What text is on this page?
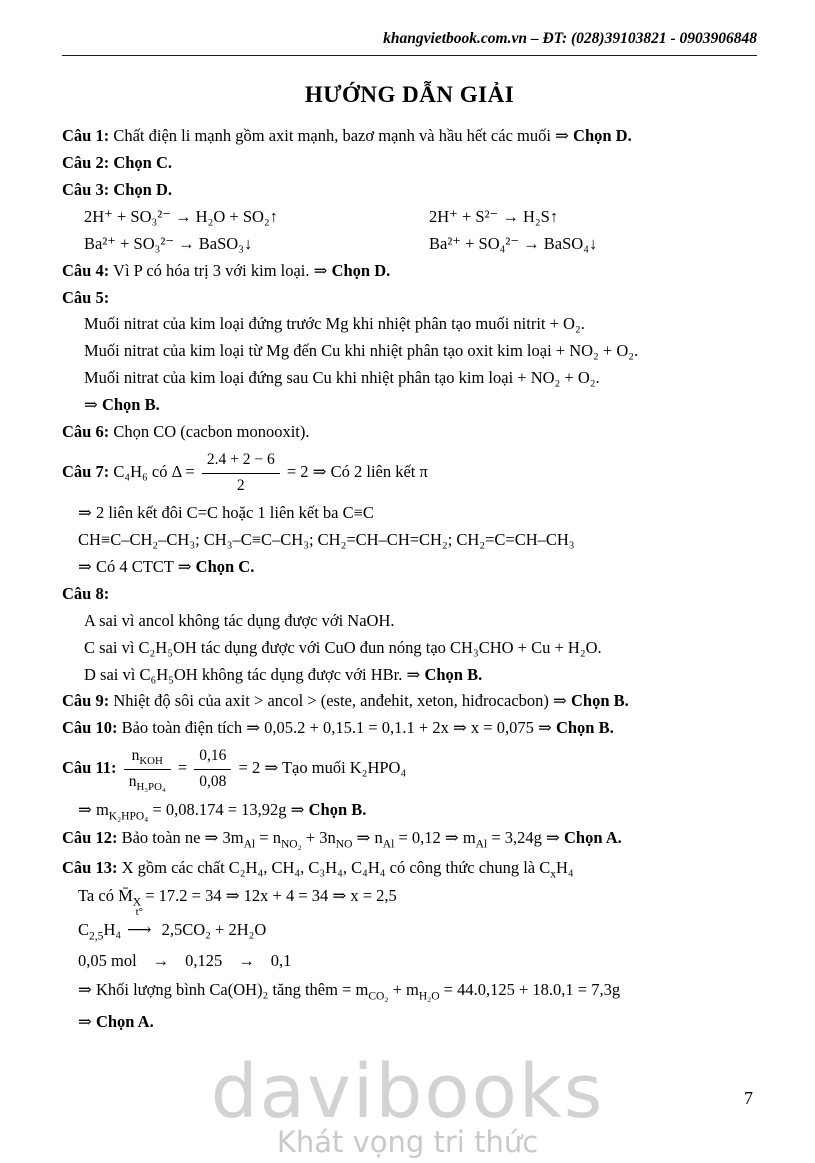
khangvietbook.com.vn – ĐT: (028)39103821 - 0903906848
HƯỚNG DẪN GIẢI
Câu 1: Chất điện li mạnh gồm axit mạnh, bazơ mạnh và hầu hết các muối ⇒ Chọn D.
Câu 2: Chọn C.
Câu 3: Chọn D.
2H⁺ + SO₃²⁻ → H₂O + SO₂↑	2H⁺ + S²⁻ → H₂S↑
Ba²⁺ + SO₃²⁻ → BaSO₃↓	Ba²⁺ + SO₄²⁻ → BaSO₄↓
Câu 4: Vì P có hóa trị 3 với kim loại. ⇒ Chọn D.
Câu 5:
Muối nitrat của kim loại đứng trước Mg khi nhiệt phân tạo muối nitrit + O₂.
Muối nitrat của kim loại từ Mg đến Cu khi nhiệt phân tạo oxit kim loại + NO₂ + O₂.
Muối nitrat của kim loại đứng sau Cu khi nhiệt phân tạo kim loại + NO₂ + O₂.
⇒ Chọn B.
Câu 6: Chọn CO (cacbon monooxit).
Câu 7: C₄H₆ có $\Delta = \frac{2.4 + 2 - 6}{2} = 2$ ⇒ Có 2 liên kết π
⇒ 2 liên kết đôi C=C hoặc 1 liên kết ba C≡C
CH≡C–CH₂–CH₃; CH₃–C≡C–CH₃; CH₂=CH–CH=CH₂; CH₂=C=CH–CH₃
⇒ Có 4 CTCT ⇒ Chọn C.
Câu 8:
A sai vì ancol không tác dụng được với NaOH.
C sai vì C₂H₅OH tác dụng được với CuO đun nóng tạo CH₃CHO + Cu + H₂O.
D sai vì C₆H₅OH không tác dụng được với HBr. ⇒ Chọn B.
Câu 9: Nhiệt độ sôi của axit > ancol > (este, anđehit, xeton, hiđrocacbon) ⇒ Chọn B.
Câu 10: Bảo toàn điện tích ⇒ 0,05.2 + 0,15.1 = 0,1.1 + 2x ⇒ x = 0,075 ⇒ Chọn B.
Câu 11: $\frac{n_{KOH}}{n_{H_3PO_4}} = \frac{0,16}{0,08} = 2$ ⇒ Tạo muối K₂HPO₄
⇒ $m_{K_2HPO_4} = 0,08.174 = 13,92g$ ⇒ Chọn B.
Câu 12: Bảo toàn ne ⇒ $3m_{Al} = n_{NO_2} + 3n_{NO}$ ⇒ $n_{Al} = 0,12$ ⇒ $m_{Al} = 3,24g$ ⇒ Chọn A.
Câu 13: X gồm các chất C₂H₄, CH₄, C₃H₄, C₄H₄ có công thức chung là $C_xH_4$
Ta có $M̄_X = 17.2 = 34$ ⇒ 12x + 4 = 34 ⇒ x = 2,5
$C_{2,5}H_4$
t°
⟶ 2,5CO₂ + 2H₂O
0,05 mol → 0,125 → 0,1
⇒ Khối lượng bình Ca(OH)₂ tăng thêm = $m_{CO_2} + m_{H_2O} = 44.0,125 + 18.0,1 = 7,3g$
⇒ Chọn A.
davibooks
Khát vọng tri thức
7
